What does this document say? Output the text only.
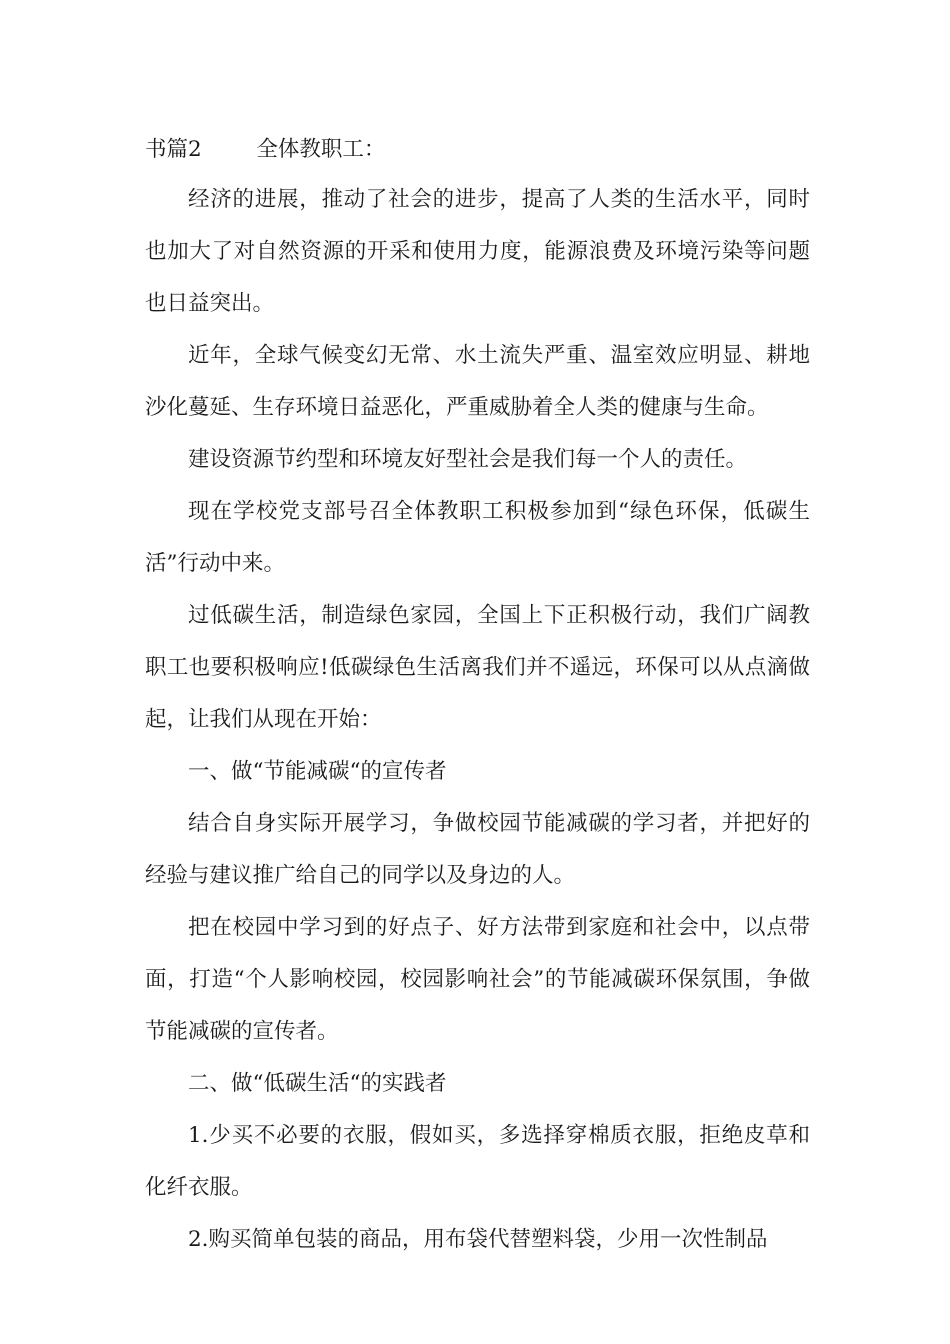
书篇2	全体教职工：

经济的进展，推动了社会的进步，提高了人类的生活水平，同时也加大了对自然资源的开采和使用力度，能源浪费及环境污染等问题也日益突出。

近年，全球气候变幻无常、水土流失严重、温室效应明显、耕地沙化蔓延、生存环境日益恶化，严重威胁着全人类的健康与生命。

建设资源节约型和环境友好型社会是我们每一个人的责任。

现在学校党支部号召全体教职工积极参加到“绿色环保，低碳生活”行动中来。

过低碳生活，制造绿色家园，全国上下正积极行动，我们广阔教职工也要积极响应!低碳绿色生活离我们并不遥远，环保可以从点滴做起，让我们从现在开始：

一、做“节能减碳“的宣传者

结合自身实际开展学习，争做校园节能减碳的学习者，并把好的经验与建议推广给自己的同学以及身边的人。

把在校园中学习到的好点子、好方法带到家庭和社会中，以点带面，打造“个人影响校园，校园影响社会”的节能减碳环保氛围，争做节能减碳的宣传者。

二、做“低碳生活“的实践者

1.少买不必要的衣服，假如买，多选择穿棉质衣服，拒绝皮草和化纤衣服。

2.购买简单包装的商品，用布袋代替塑料袋，少用一次性制品
